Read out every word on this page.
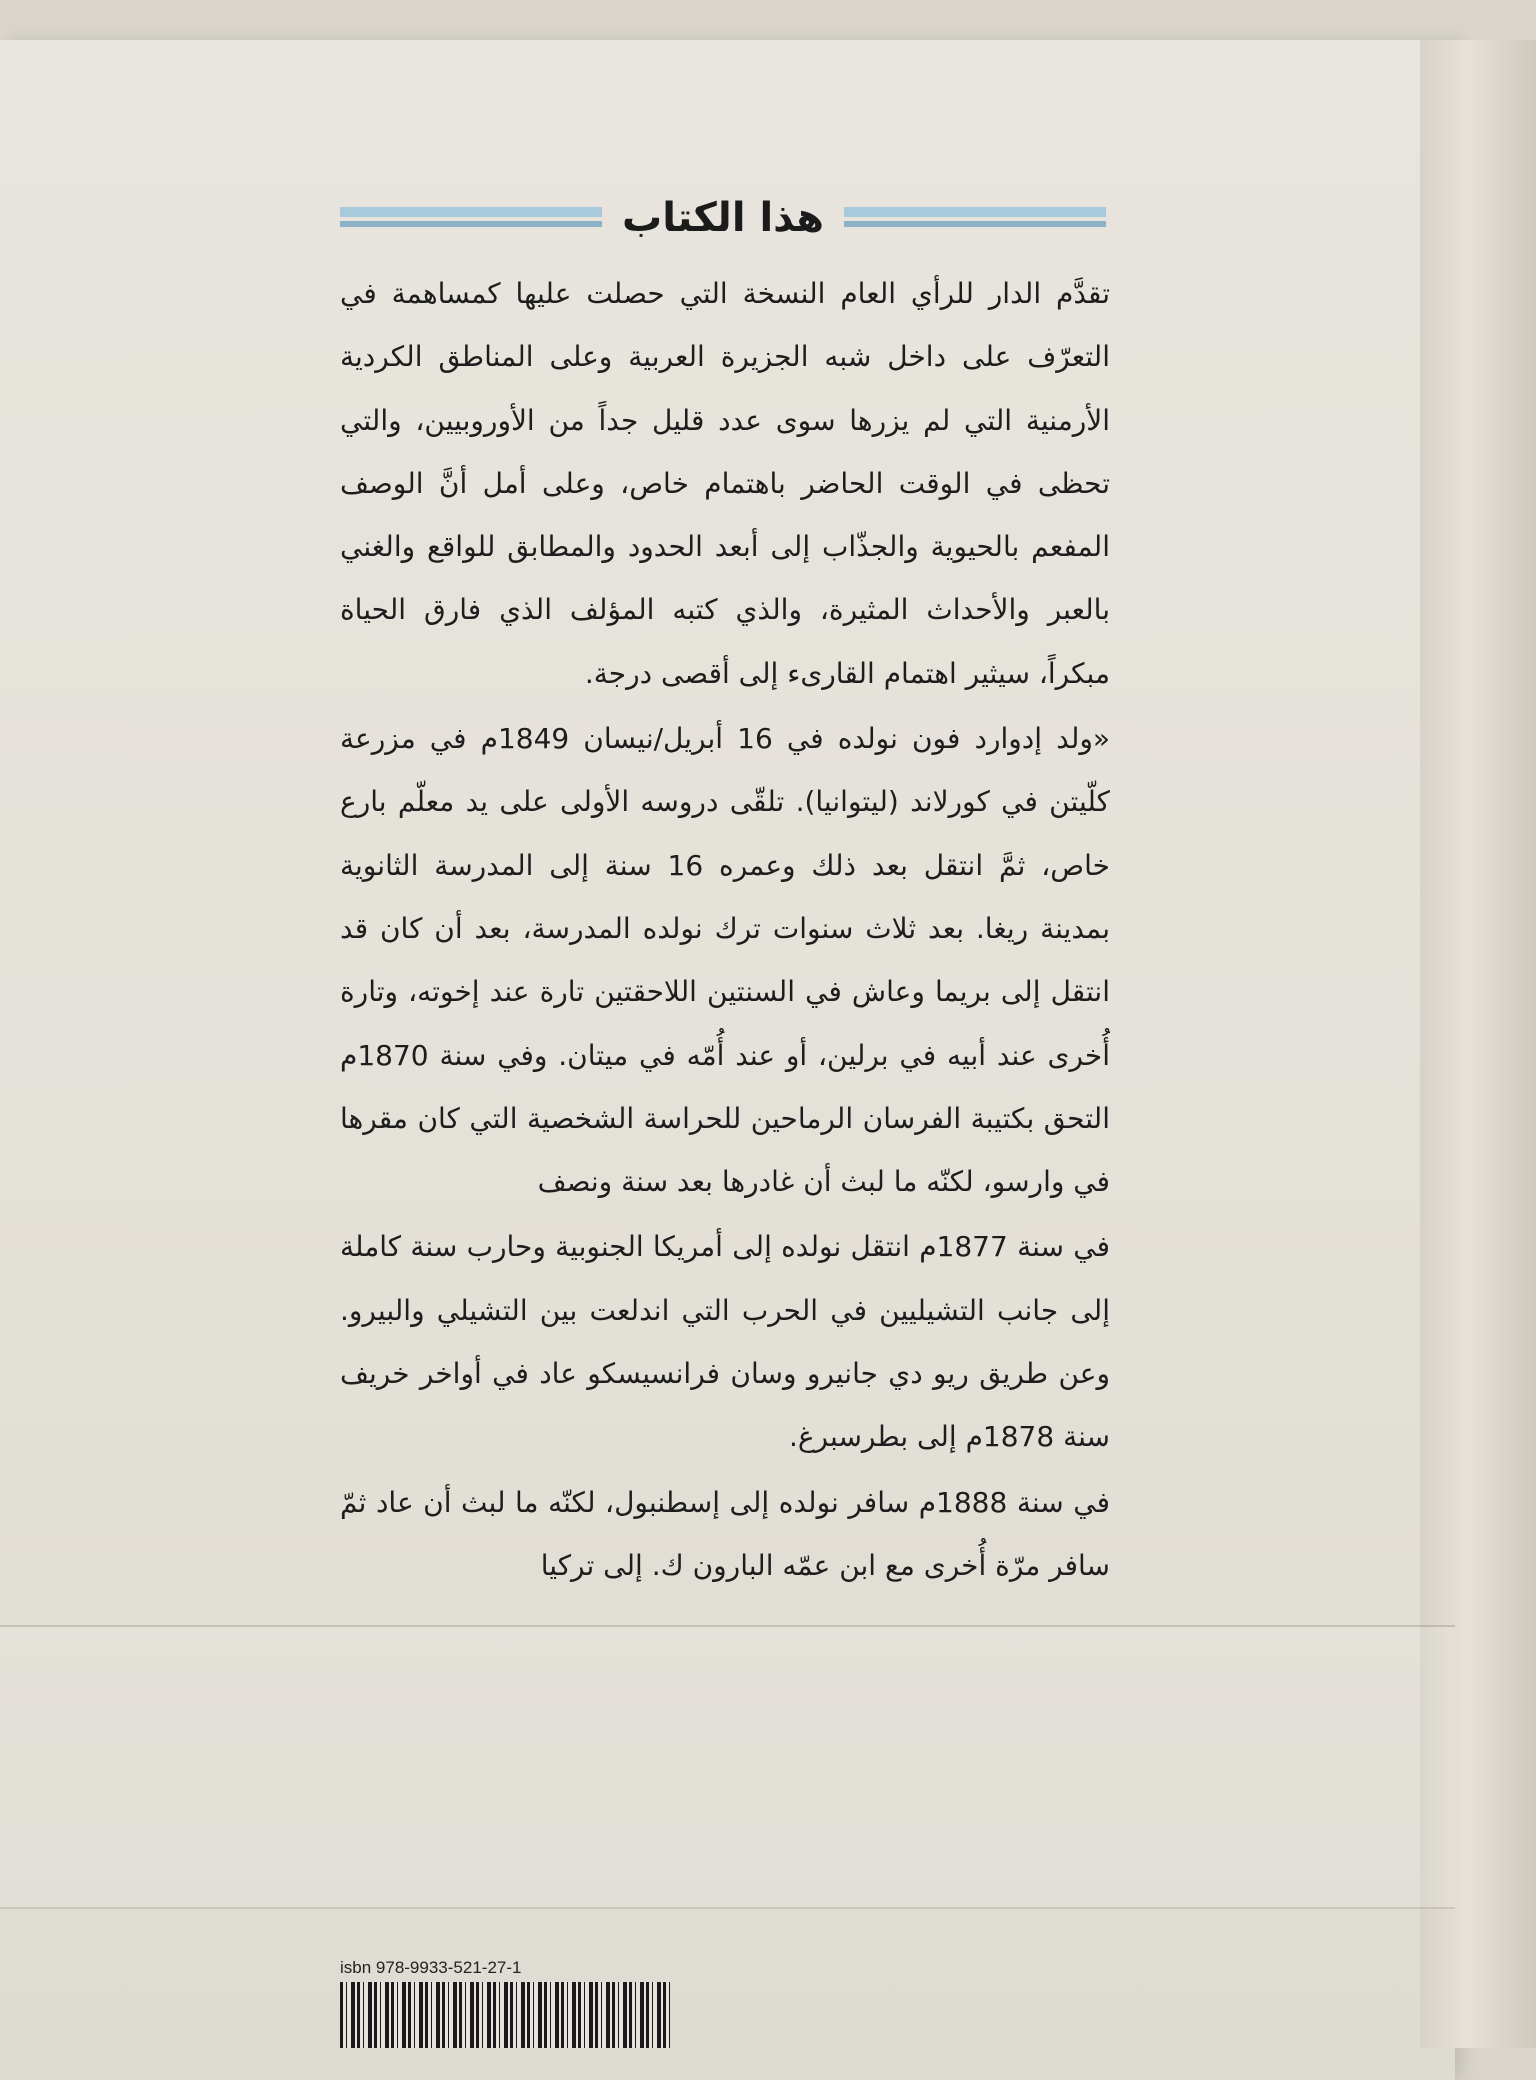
هذا الكتاب

تقدَّم الدار للرأي العام النسخة التي حصلت عليها كمساهمة في التعرّف على داخل شبه الجزيرة العربية وعلى المناطق الكردية الأرمنية التي لم يزرها سوى عدد قليل جداً من الأوروبيين، والتي تحظى في الوقت الحاضر باهتمام خاص، وعلى أمل أنَّ الوصف المفعم بالحيوية والجذّاب إلى أبعد الحدود والمطابق للواقع والغني بالعبر والأحداث المثيرة، والذي كتبه المؤلف الذي فارق الحياة مبكراً، سيثير اهتمام القارىء إلى أقصى درجة.

«ولد إدوارد فون نولده في 16 أبريل/نيسان 1849م في مزرعة كلّيتن في كورلاند (ليتوانيا). تلقّى دروسه الأولى على يد معلّم بارع خاص، ثمَّ انتقل بعد ذلك وعمره 16 سنة إلى المدرسة الثانوية بمدينة ريغا. بعد ثلاث سنوات ترك نولده المدرسة، بعد أن كان قد انتقل إلى بريما وعاش في السنتين اللاحقتين تارة عند إخوته، وتارة أُخرى عند أبيه في برلين، أو عند أُمّه في ميتان. وفي سنة 1870م التحق بكتيبة الفرسان الرماحين للحراسة الشخصية التي كان مقرها في وارسو، لكنّه ما لبث أن غادرها بعد سنة ونصف

في سنة 1877م انتقل نولده إلى أمريكا الجنوبية وحارب سنة كاملة إلى جانب التشيليين في الحرب التي اندلعت بين التشيلي والبيرو. وعن طريق ريو دي جانيرو وسان فرانسيسكو عاد في أواخر خريف سنة 1878م إلى بطرسبرغ.

في سنة 1888م سافر نولده إلى إسطنبول، لكنّه ما لبث أن عاد ثمّ سافر مرّة أُخرى مع ابن عمّه البارون ك. إلى تركيا

isbn 978-9933-521-27-1
